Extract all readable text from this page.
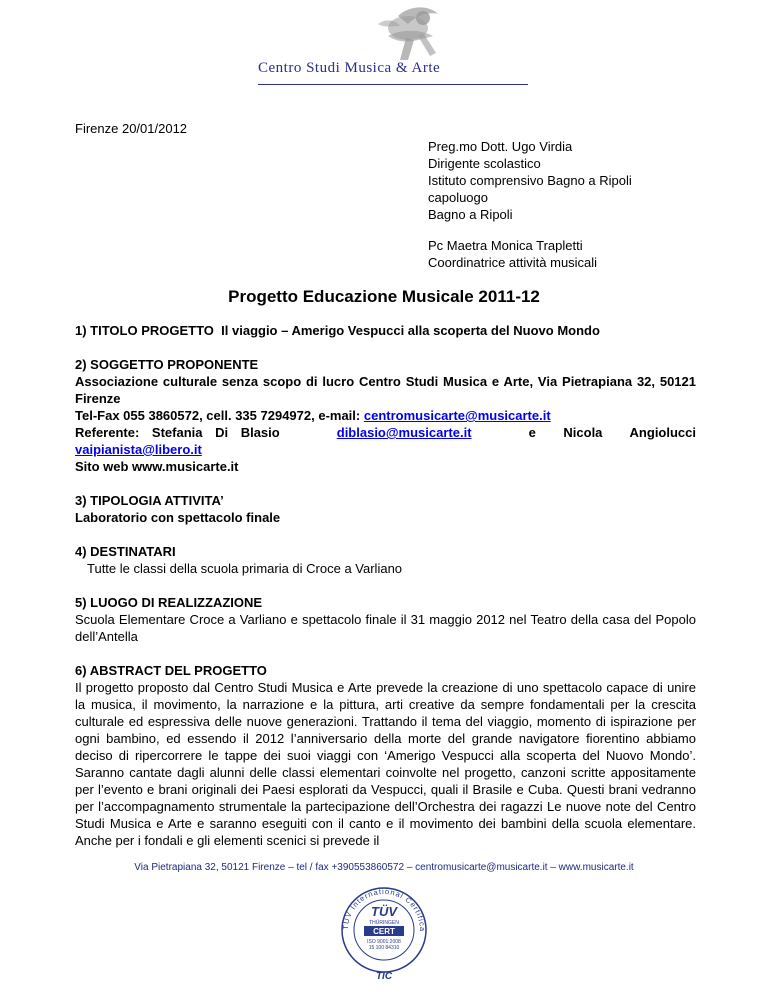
Centro Studi Musica & Arte
Firenze 20/01/2012
Preg.mo Dott. Ugo Virdia
Dirigente scolastico
Istituto comprensivo Bagno a Ripoli
capoluogo
Bagno a Ripoli
Pc Maetra Monica Trapletti
Coordinatrice attività musicali
Progetto Educazione Musicale 2011-12
1) TITOLO PROGETTO Il viaggio – Amerigo Vespucci alla scoperta del Nuovo Mondo
2) SOGGETTO PROPONENTE
Associazione culturale senza scopo di lucro Centro Studi Musica e Arte, Via Pietrapiana 32, 50121 Firenze
Tel-Fax 055 3860572, cell. 335 7294972, e-mail: centromusicarte@musicarte.it
Referente: Stefania Di Blasio	diblasio@musicarte.it	e Nicola Angiolucci
vaipianista@libero.it
Sito web www.musicarte.it
3) TIPOLOGIA ATTIVITA’
Laboratorio con spettacolo finale
4) DESTINATARI
Tutte le classi della scuola primaria di Croce a Varliano
5) LUOGO DI REALIZZAZIONE
Scuola Elementare Croce a Varliano e spettacolo finale il 31 maggio 2012 nel Teatro della casa del Popolo dell’Antella
6) ABSTRACT DEL PROGETTO

Il progetto proposto dal Centro Studi Musica e Arte prevede la creazione di uno spettacolo capace di unire la musica, il movimento, la narrazione e la pittura, arti creative da sempre fondamentali per la crescita culturale ed espressiva delle nuove generazioni. Trattando il tema del viaggio, momento di ispirazione per ogni bambino, ed essendo il 2012 l’anniversario della morte del grande navigatore fiorentino abbiamo deciso di ripercorrere le tappe dei suoi viaggi con ‘Amerigo Vespucci alla scoperta del Nuovo Mondo’. Saranno cantate dagli alunni delle classi elementari coinvolte nel progetto, canzoni scritte appositamente per l’evento e brani originali dei Paesi esplorati da Vespucci, quali il Brasile e Cuba. Questi brani vedranno per l’accompagnamento strumentale la partecipazione dell’Orchestra dei ragazzi Le nuove note del Centro Studi Musica e Arte e saranno eseguiti con il canto e il movimento dei bambini della scuola elementare. Anche per i fondali e gli elementi scenici si prevede il

Via Pietrapiana 32, 50121 Firenze – tel / fax +390553860572 – centromusicarte@musicarte.it – www.musicarte.it
TÜV International Certifica
TÜV
THÜRINGEN
CERT
ISO 9001:2008
15 100 84310
TIC
